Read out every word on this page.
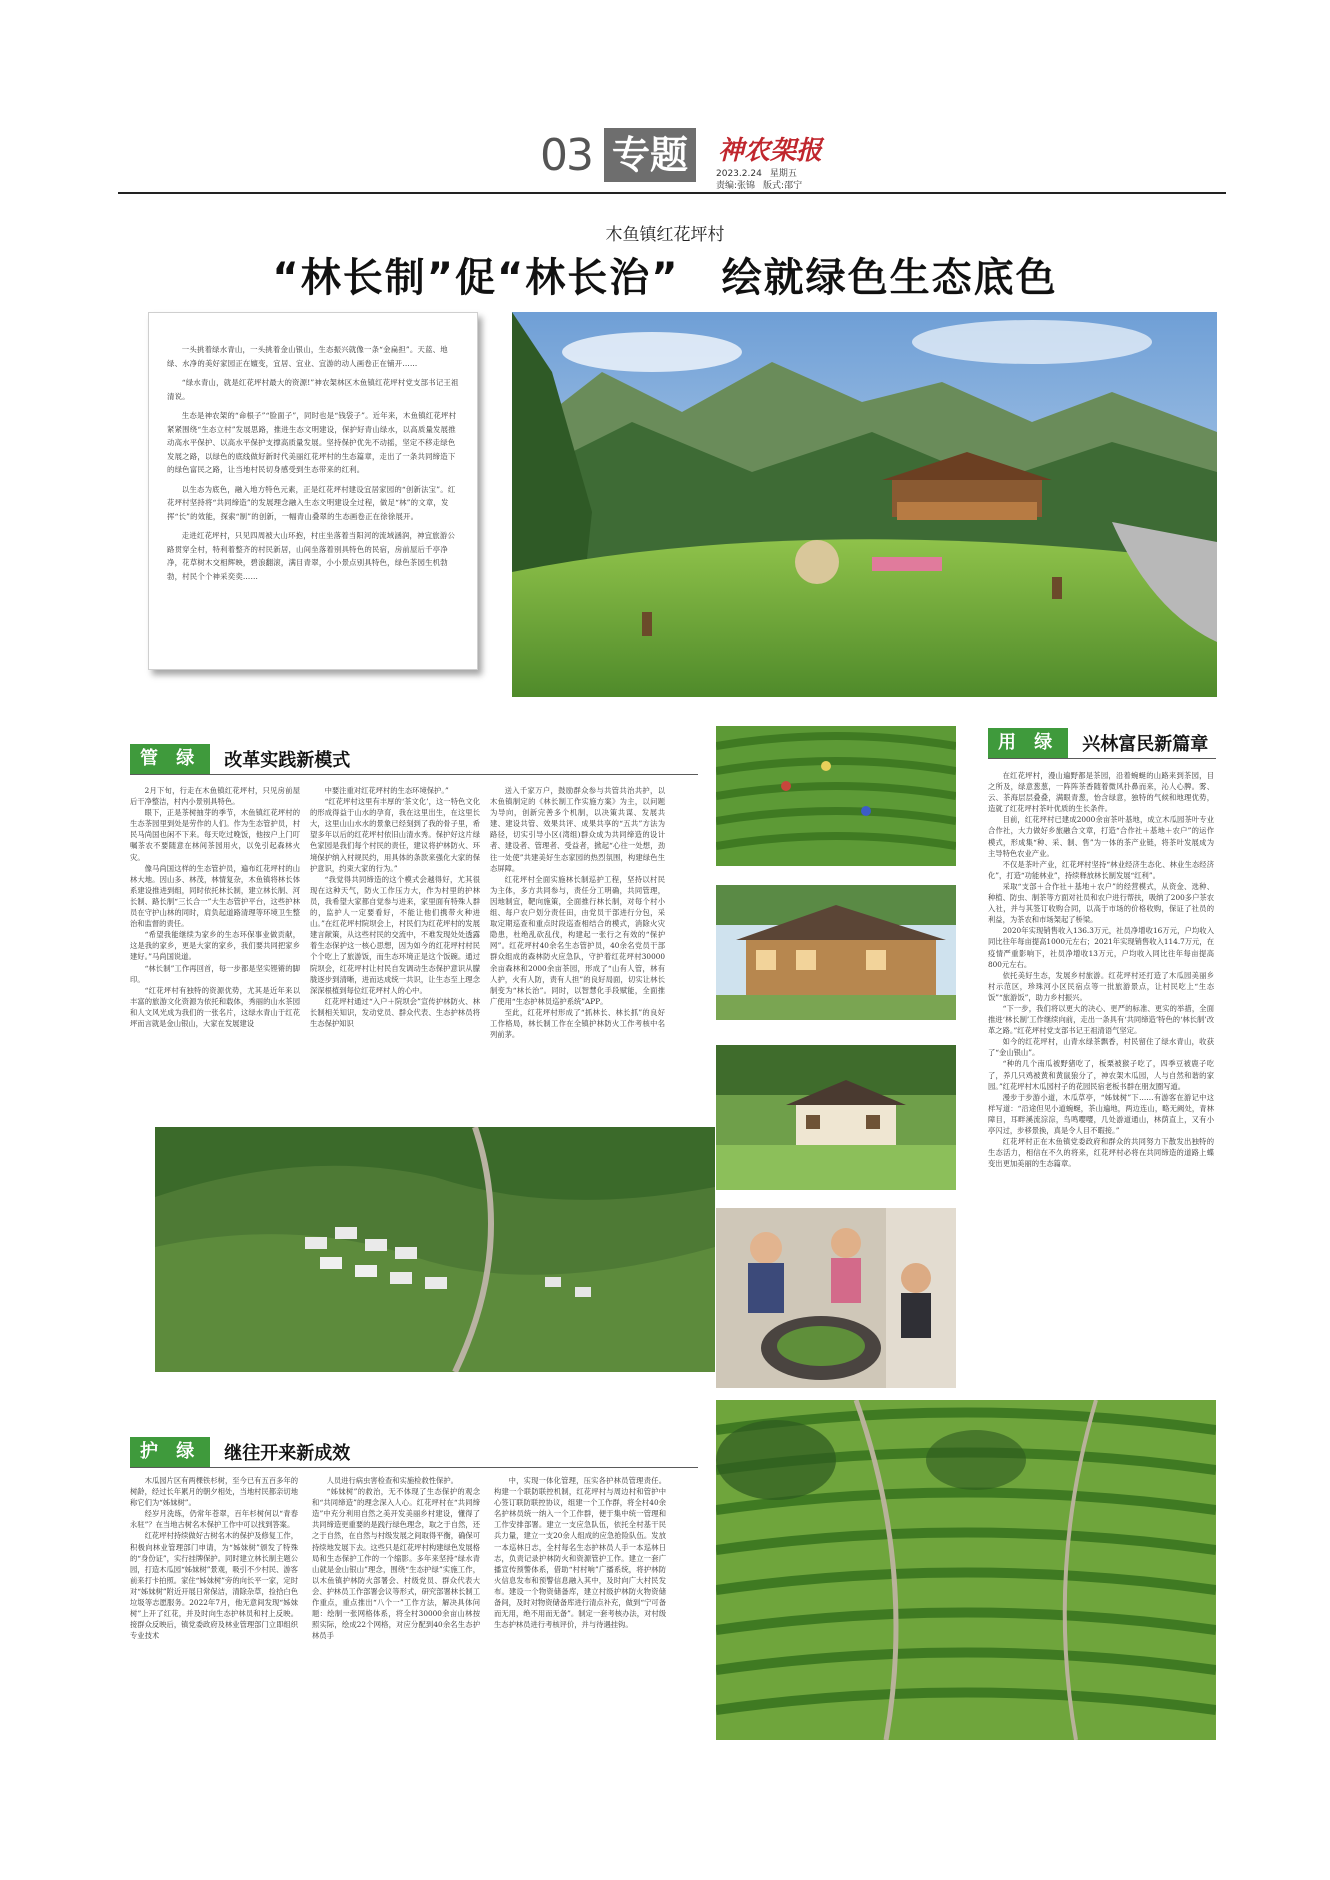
03 专题	神农架报
2023.2.24 星期五
责编:张锦 版式:邵宁
木鱼镇红花坪村
“林长制”促“林长治”　绘就绿色生态底色

一头挑着绿水青山，一头挑着金山银山，生态振兴就像一条“金扁担”。天蓝、地绿、水净的美好家园正在嬗变，宜居、宜业、宜游的动人画卷正在铺开……

“绿水青山，就是红花坪村最大的资源!”神农架林区木鱼镇红花坪村党支部书记王祖清说。

生态是神农架的“命根子”“脸面子”，同时也是“钱袋子”。近年来，木鱼镇红花坪村紧紧围绕“生态立村”发展思路，推进生态文明建设，保护好青山绿水，以高质量发展推动高水平保护、以高水平保护支撑高质量发展。坚持保护优先不动摇，坚定不移走绿色发展之路，以绿色的底线做好新时代美丽红花坪村的生态篇章，走出了一条共同缔造下的绿色富民之路，让当地村民切身感受到生态带来的红利。

以生态为底色，融入地方特色元素，正是红花坪村建设宜居家园的“创新法宝”。红花坪村坚持将“共同缔造”的发展理念融入生态文明建设全过程，做足“林”的文章，发挥“长”的效能，探索“制”的创新，一幅青山叠翠的生态画卷正在徐徐展开。

走进红花坪村，只见四周被大山环抱，村庄坐落着当阳河的流域涵润，神宜旅游公路贯穿全村，特利着整齐的村民新居，山间坐落着别具特色的民宿，房前屋后千亭净净，花草树木交相辉映，碧浪翻滚，满目青翠，小小景点别具特色，绿色茶园生机勃勃，村民个个神采奕奕……

管 绿	改革实践新模式

2月下旬，行走在木鱼镇红花坪村，只见房前屋后干净整洁，村内小景别具特色。

眼下，正是茶树抽芽的季节，木鱼镇红花坪村的生态茶园里到处是劳作的人们。作为生态管护员，村民马尚国也闲不下来。每天吃过晚饭，他按户上门叮嘱茶农不要随意在林间茶园用火，以免引起森林火灾。

像马尚国这样的生态管护员，遍布红花坪村的山林大地。因山多、林茂，林情复杂，木鱼镇将林长体系建设推进到组，同时依托林长制，建立林长制、河长制、路长制“三长合一”大生态管护平台，这些护林员在守护山林的同时，肩负起道路清理等环境卫生整治和监督的责任。

“希望我能继续为家乡的生态环保事业做贡献，这是我的家乡，更是大家的家乡，我们要共同把家乡建好。”马尚国说道。

“林长制”工作再回首，每一步都是坚实铿锵的脚印。

“红花坪村有独特的资源优势，尤其是近年来以丰富的旅游文化资源为依托和载体，秀丽的山水茶园和人文风光成为我们的一张名片，这绿水青山于红花坪而言就是金山银山，大家在发展建设

中要注重对红花坪村的生态环境保护。”

“红花坪村这里有丰厚的‘茶文化’，这一特色文化的形成得益于山水的孕育，我在这里出生，在这里长大，这里山山水水的景象已经刻到了我的骨子里，希望多年以后的红花坪村依旧山清水秀。保护好这片绿色家园是我们每个村民的责任，建议将护林防火、环境保护纳入村规民约，用具体的条款来强化大家的保护意识，约束大家的行为。”

“我觉得共同缔造的这个模式会越得好，尤其很现在这种天气，防火工作压力大，作为村里的护林员，我希望大家都自觉参与进来，家里面有特殊人群的，监护人一定要看好，不能让他们携带火种进山。”在红花坪村院坝会上，村民们为红花坪村的发展建言献策，从这些村民的交流中，不难发现处处透露着生态保护这一核心思想，因为如今的红花坪村村民个个吃上了旅游饭，而生态环境正是这个饭碗。通过院坝会，红花坪村让村民自发调动生态保护意识从朦胧逐步到清晰，进而达成统一共识，让生态至上理念深深根植到每位红花坪村人的心中。

红花坪村通过“入户＋院坝会”宣传护林防火、林长制相关知识，发动党员、群众代表、生态护林员将生态保护知识

送入千家万户，鼓励群众参与共管共治共护，以木鱼镇制定的《林长制工作实施方案》为主，以问题为导向，创新完善多个机制，以决策共谋、发展共建、建设共管、效果共评、成果共享的“五共”方法为路径，切实引导小区(湾组)群众成为共同缔造的设计者、建设者、管理者、受益者，掀起“心往一处想，劲往一处使”共建美好生态家园的热烈氛围，构建绿色生态屏障。

红花坪村全面实施林长制巡护工程，坚持以村民为主体，多方共同参与，责任分工明确，共同管理，因地制宜，靶向施策，全面推行林长制，对每个村小组、每户农户划分责任田，由党员干部进行分包，采取定期巡查和重点时段巡查相结合的模式，消除火灾隐患，杜绝乱砍乱伐，构建起一张行之有效的“保护网”。红花坪村40余名生态管护员，40余名党员干部群众组成的森林防火应急队，守护着红花坪村30000余亩森林和2000余亩茶园，形成了“山有人管，林有人护，火有人防，责有人担”的良好局面，切实让林长制变为“林长治”。同时，以智慧化手段赋能，全面推广使用“生态护林员巡护系统”APP。

至此，红花坪村形成了“抓林长、林长抓”的良好工作格局，林长制工作在全镇护林防火工作考核中名列前茅。

护 绿	继往开来新成效

木瓜园片区有两棵铁杉树，至今已有五百多年的树龄，经过长年累月的朝夕相处，当地村民都亲切地称它们为“姊妹树”。

经岁月洗练，仍常年苍翠，百年杉树何以“青春永驻”？在当地古树名木保护工作中可以找到答案。

红花坪村持续做好古树名木的保护及修复工作，积极向林业管理部门申请，为“姊妹树”颁发了特殊的“身份证”，实行挂牌保护。同时建立林长制主题公园，打造木瓜园“姊妹树”景观，吸引不少村民、游客前来打卡拍照。家住“姊妹树”旁的向长平一家，定时对“姊妹树”附近开展日常保洁，清除杂草，捡拾白色垃圾等志愿服务。2022年7月，他无意间发现“姊妹树”上开了红花，并及时向生态护林员和村上反映。接群众反映后，镇党委政府及林业管理部门立即组织专业技术

人员进行病虫害检查和实施检救性保护。

“姊妹树”的救治，无不体现了生态保护的观念和“共同缔造”的理念深入人心。红花坪村在“共同缔造”中充分利用自然之美开发美丽乡村建设，懂得了共同缔造更重要的是践行绿色理念，取之于自然，还之于自然，在自然与村级发展之间取得平衡，确保可持续地发展下去。这些只是红花坪村构建绿色发展格局和生态保护工作的一个缩影。多年来坚持“绿水青山就是金山银山”理念，围绕“生态护绿”实施工作，以木鱼镇护林防火部署会、村级党员、群众代表大会、护林员工作部署会议等形式，研究部署林长制工作重点，重点推出“八个一”工作方法，解决具体问题：绘制一张网格体系，将全村30000余亩山林按照实际，绘成22个网格，对应分配到40余名生态护林员手

中，实现一体化管理，压实各护林员管理责任。构建一个联防联控机制，红花坪村与周边村和管护中心签订联防联控协议，组建一个工作群，将全村40余名护林员统一纳入一个工作群，便于集中统一管理和工作安排部署。建立一支应急队伍，依托全村基干民兵力量，建立一支20余人组成的应急抢险队伍。发放一本巡林日志，全村每名生态护林员人手一本巡林日志，负责记录护林防火和资源管护工作。建立一套广播宣传预警体系，借助“村村响”广播系统，将护林防火信息发布和预警信息融入其中，及时向广大村民发布。建设一个物资储备库，建立村级护林防火物资储备间，及时对物资储备库进行清点补充，做到“宁可备而无用，绝不用而无备”。制定一套考核办法，对村级生态护林员进行考核评价，并与待遇挂钩。

用 绿	兴林富民新篇章

在红花坪村，漫山遍野都是茶园，沿着蜿蜒的山路来到茶园，目之所及，绿意葱葱，一阵阵茶香随着微风扑鼻而来，沁人心脾。雾、云、茶海层层叠叠，满眼青葱，怡含绿意，独特的气候和地理优势，造就了红花坪村茶叶优质的生长条件。

目前，红花坪村已建成2000余亩茶叶基地，成立木瓜园茶叶专业合作社，大力做好乡旅融合文章，打造“合作社＋基地＋农户”的运作模式，形成集“种、采、制、售”为一体的茶产业链，将茶叶发展成为主导特色农业产业。

不仅是茶叶产业，红花坪村坚持“林业经济生态化、林业生态经济化”，打造“功能林业”，持续释放林长制发展“红利”。

采取“支部＋合作社＋基地＋农户”的经营模式，从资金、选种、种植、防虫、制茶等方面对社员和农户进行帮扶，吸纳了200多户茶农入社，并与其签订收购合同，以高于市场的价格收购，保证了社员的利益，为茶农和市场架起了桥梁。

2020年实现销售收入136.3万元，社员净增收16万元，户均收入同比往年每亩提高1000元左右；2021年实现销售收入114.7万元，在疫情严重影响下，社员净增收13万元，户均收入同比往年每亩提高800元左右。

依托美好生态，发展乡村旅游。红花坪村还打造了木瓜园美丽乡村示范区，珍珠河小区民宿点等一批旅游景点，让村民吃上“生态饭”“旅游饭”，助力乡村振兴。

“下一步，我们将以更大的决心、更严的标准、更实的举措，全面推进‘林长制’工作继续向前，走出一条具有‘共同缔造’特色的‘林长制’改革之路。”红花坪村党支部书记王祖清语气坚定。

如今的红花坪村，山青水绿茶飘香，村民留住了绿水青山，收获了“金山银山”。

“种的几个南瓜被野猪吃了，板栗被猴子吃了，四季豆被鹿子吃了，养几只鸡被黄和黄鼠狼分了，神农架木瓜园，人与自然和谐的家园。”红花坪村木瓜园村子的花园民宿老板书群在朋友圈写道。

漫步于步游小道，木瓜草亭，“姊妹树”下……有游客在游记中这样写道：“沿途但见小道蜿蜒，茶山遍地，两边连山，略无阙处，青林障目，耳畔溪流淙淙，鸟鸣嘤嘤，几处游道通山，林荫直上，又有小亭闪过，步移景换，真是令人目不暇接。”

红花坪村正在木鱼镇党委政府和群众的共同努力下散发出独特的生态活力，相信在不久的将来，红花坪村必将在共同缔造的道路上蝶变出更加美丽的生态篇章。
